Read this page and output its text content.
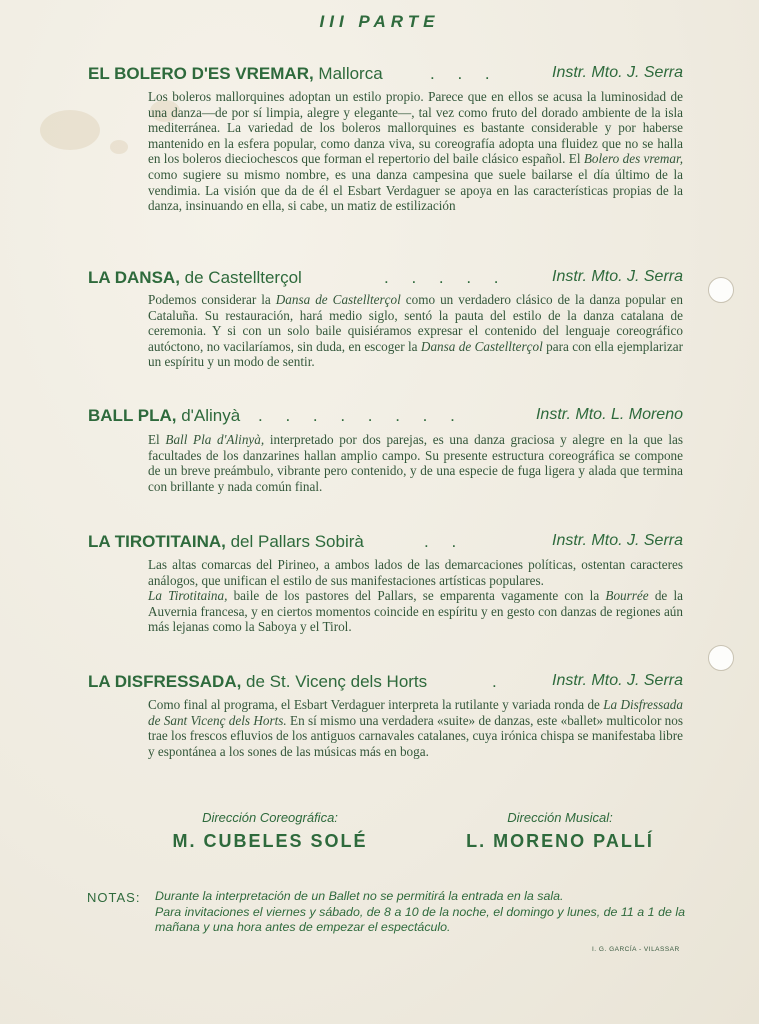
III PARTE
EL BOLERO D'ES VREMAR, Mallorca	. . .	Instr. Mto. J. Serra
Los boleros mallorquines adoptan un estilo propio. Parece que en ellos se acusa la luminosidad de una danza—de por sí limpia, alegre y elegante—, tal vez como fruto del dorado ambiente de la isla mediterránea. La variedad de los boleros mallorquines es bastante considerable y por haberse mantenido en la esfera popular, como danza viva, su coreografía adopta una fluidez que no se halla en los boleros dieciochescos que forman el repertorio del baile clásico español. El Bolero des vremar, como sugiere su mismo nombre, es una danza campesina que suele bailarse el día último de la vendimia. La visión que da de él el Esbart Verdaguer se apoya en las características propias de la danza, insinuando en ella, si cabe, un matiz de estilización
LA DANSA, de Castellterçol	. . . . .	Instr. Mto. J. Serra
Podemos considerar la Dansa de Castellterçol como un verdadero clásico de la danza popular en Cataluña. Su restauración, hará medio siglo, sentó la pauta del estilo de la danza catalana de ceremonia. Y si con un solo baile quisiéramos expresar el contenido del lenguaje coreográfico autóctono, no vacilaríamos, sin duda, en escoger la Dansa de Castellterçol para con ella ejemplarizar un espíritu y un modo de sentir.
BALL PLA, d'Alinyà . . . . . . . .	Instr. Mto. L. Moreno
El Ball Pla d'Alinyà, interpretado por dos parejas, es una danza graciosa y alegre en la que las facultades de los danzarines hallan amplio campo. Su presente estructura coreográfica se compone de un breve preámbulo, vibrante pero contenido, y de una especie de fuga ligera y alada que termina con brillante y nada común final.
LA TIROTITAINA, del Pallars Sobirà	. .	Instr. Mto. J. Serra
Las altas comarcas del Pirineo, a ambos lados de las demarcaciones políticas, ostentan caracteres análogos, que unifican el estilo de sus manifestaciones artísticas populares.
La Tirotitaina, baile de los pastores del Pallars, se emparenta vagamente con la Bourrée de la Auvernia francesa, y en ciertos momentos coincide en espíritu y en gesto con danzas de regiones aún más lejanas como la Saboya y el Tirol.
LA DISFRESSADA, de St. Vicenç dels Horts	.	Instr. Mto. J. Serra
Como final al programa, el Esbart Verdaguer interpreta la rutilante y variada ronda de La Disfressada de Sant Vicenç dels Horts. En sí mismo una verdadera «suite» de danzas, este «ballet» multicolor nos trae los frescos efluvios de los antiguos carnavales catalanes, cuya irónica chispa se manifestaba libre y espontánea a los sones de las músicas más en boga.
Dirección Coreográfica:
M. CUBELES SOLÉ
Dirección Musical:
L. MORENO PALLÍ
NOTAS: Durante la interpretación de un Ballet no se permitirá la entrada en la sala.
Para invitaciones el viernes y sábado, de 8 a 10 de la noche, el domingo y lunes, de 11 a 1 de la mañana y una hora antes de empezar el espectáculo.
I. G. GARCÍA - VILASSAR
